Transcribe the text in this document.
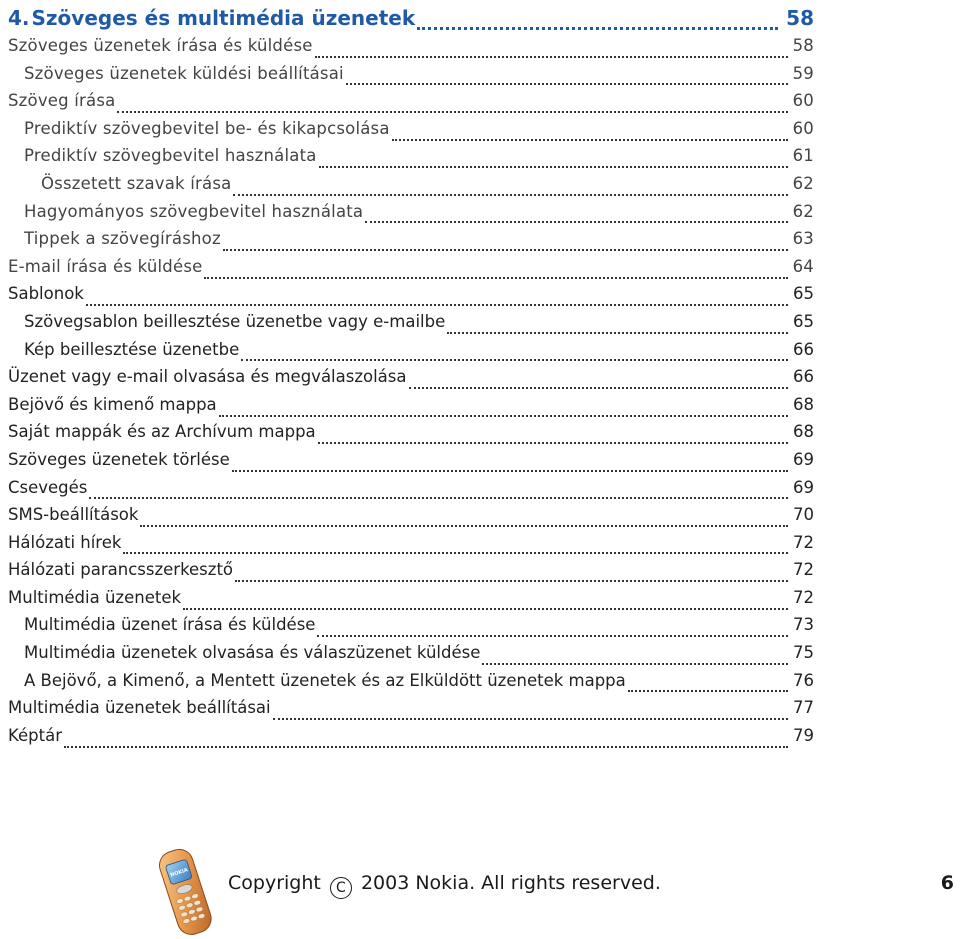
4. Szöveges és multimédia üzenetek	58
Szöveges üzenetek írása és küldése	58
Szöveges üzenetek küldési beállításai	59
Szöveg írása	60
Prediktív szövegbevitel be- és kikapcsolása	60
Prediktív szövegbevitel használata	61
Összetett szavak írása	62
Hagyományos szövegbevitel használata	62
Tippek a szövegíráshoz	63
E-mail írása és küldése	64
Sablonok	65
Szövegsablon beillesztése üzenetbe vagy e-mailbe	65
Kép beillesztése üzenetbe	66
Üzenet vagy e-mail olvasása és megválaszolása	66
Bejövő és kimenő mappa	68
Saját mappák és az Archívum mappa	68
Szöveges üzenetek törlése	69
Csevegés	69
SMS-beállítások	70
Hálózati hírek	72
Hálózati parancsszerkesztő	72
Multimédia üzenetek	72
Multimédia üzenet írása és küldése	73
Multimédia üzenetek olvasása és válaszüzenet küldése	75
A Bejövő, a Kimenő, a Mentett üzenetek és az Elküldött üzenetek mappa	76
Multimédia üzenetek beállításai	77
Képtár	79
NOKIA Copyright C 2003 Nokia. All rights reserved.	6
